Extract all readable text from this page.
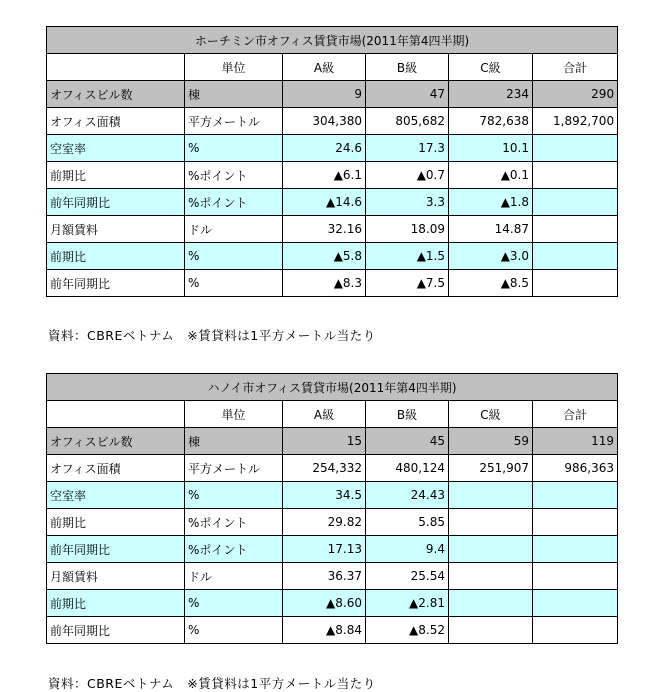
ホーチミン市オフィス賃貸市場(2011年第4四半期)					
	単位	A級	B級	C級	合計
オフィスビル数	棟	9	47	234	290
オフィス面積	平方メートル	304,380	805,682	782,638	1,892,700
空室率	%	24.6	17.3	10.1	
前期比	%ポイント	▲6.1	▲0.7	▲0.1	
前年同期比	%ポイント	▲14.6	3.3	▲1.8	
月額賃料	ドル	32.16	18.09	14.87	
前期比	%	▲5.8	▲1.5	▲3.0	
前年同期比	%	▲8.3	▲7.5	▲8.5	
資料：CBREベトナム　※賃貸料は1平方メートル当たり
ハノイ市オフィス賃貸市場(2011年第4四半期)					
	単位	A級	B級	C級	合計
オフィスビル数	棟	15	45	59	119
オフィス面積	平方メートル	254,332	480,124	251,907	986,363
空室率	%	34.5	24.43		
前期比	%ポイント	29.82	5.85		
前年同期比	%ポイント	17.13	9.4		
月額賃料	ドル	36.37	25.54		
前期比	%	▲8.60	▲2.81		
前年同期比	%	▲8.84	▲8.52		
資料：CBREベトナム　※賃貸料は1平方メートル当たり
